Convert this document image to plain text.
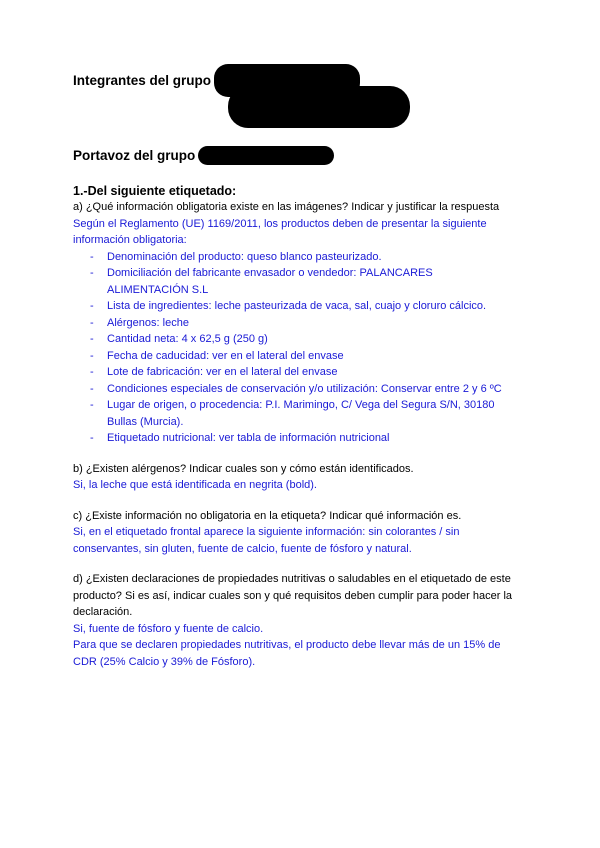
Integrantes del grupo

Portavoz del grupo

1.-Del siguiente etiquetado:

a) ¿Qué información obligatoria existe en las imágenes? Indicar y justificar la respuesta

Según el Reglamento (UE) 1169/2011, los productos deben de presentar la siguiente información obligatoria:

- Denominación del producto: queso blanco pasteurizado.
- Domiciliación del fabricante envasador o vendedor: PALANCARES ALIMENTACIÓN S.L
- Lista de ingredientes: leche pasteurizada de vaca, sal, cuajo y cloruro cálcico.
- Alérgenos: leche
- Cantidad neta: 4 x 62,5 g (250 g)
- Fecha de caducidad: ver en el lateral del envase
- Lote de fabricación: ver en el lateral del envase
- Condiciones especiales de conservación y/o utilización: Conservar entre 2 y 6 ºC
- Lugar de origen, o procedencia: P.I. Marimingo, C/ Vega del Segura S/N, 30180 Bullas (Murcia).
- Etiquetado nutricional: ver tabla de información nutricional

b) ¿Existen alérgenos? Indicar cuales son y cómo están identificados.

Si, la leche que está identificada en negrita (bold).

c) ¿Existe información no obligatoria en la etiqueta? Indicar qué información es.

Si, en el etiquetado frontal aparece la siguiente información: sin colorantes / sin conservantes, sin gluten, fuente de calcio, fuente de fósforo y natural.

d) ¿Existen declaraciones de propiedades nutritivas o saludables en el etiquetado de este producto? Si es así, indicar cuales son y qué requisitos deben cumplir para poder hacer la declaración.

Si, fuente de fósforo y fuente de calcio.

Para que se declaren propiedades nutritivas, el producto debe llevar más de un 15% de CDR (25% Calcio y 39% de Fósforo).
